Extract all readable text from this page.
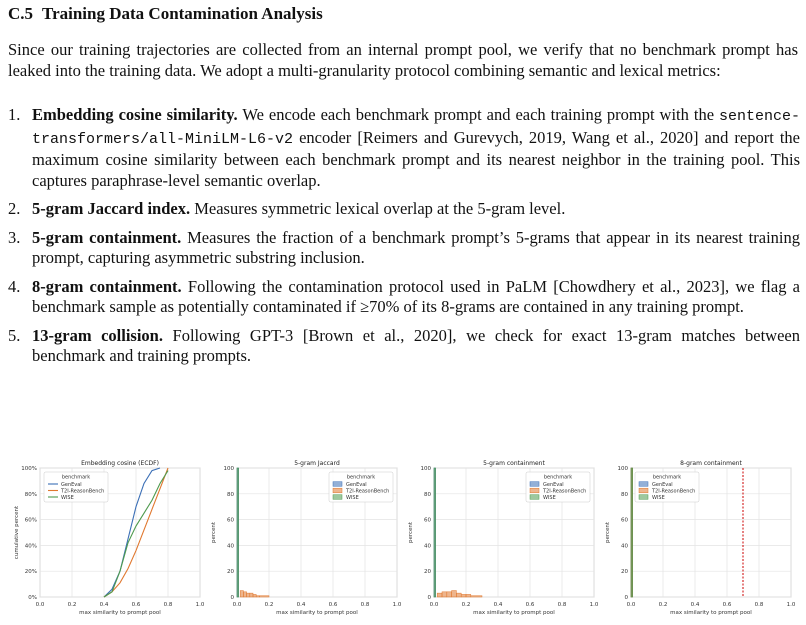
C.5 Training Data Contamination Analysis
Since our training trajectories are collected from an internal prompt pool, we verify that no benchmark prompt has leaked into the training data. We adopt a multi-granularity protocol combining semantic and lexical metrics:
1. Embedding cosine similarity. We encode each benchmark prompt and each training prompt with the sentence-transformers/all-MiniLM-L6-v2 encoder [Reimers and Gurevych, 2019, Wang et al., 2020] and report the maximum cosine similarity between each benchmark prompt and its nearest neighbor in the training pool. This captures paraphrase-level semantic overlap.
2. 5-gram Jaccard index. Measures symmetric lexical overlap at the 5-gram level.
3. 5-gram containment. Measures the fraction of a benchmark prompt’s 5-grams that appear in its nearest training prompt, capturing asymmetric substring inclusion.
4. 8-gram containment. Following the contamination protocol used in PaLM [Chowdhery et al., 2023], we flag a benchmark sample as potentially contaminated if ≥70% of its 8-grams are contained in any training prompt.
5. 13-gram collision. Following GPT-3 [Brown et al., 2020], we check for exact 13-gram matches between benchmark and training prompts.
0.0	0.2	0.4	0.6	0.8	1.0
0%
20%
40%
60%
80%
100%
Embedding cosine (ECDF)
max similarity to prompt pool
cumulative percent
benchmark
GenEval
T2I-ReasonBench
WISE
0.0	0.2	0.4	0.6	0.8	1.0
0
20
40
60
80
100
5-gram Jaccard
max similarity to prompt pool
percent
benchmark
GenEval
T2I-ReasonBench
WISE
0.0	0.2	0.4	0.6	0.8	1.0
0
20
40
60
80
100
5-gram containment
max similarity to prompt pool
percent
benchmark
GenEval
T2I-ReasonBench
WISE
0.0	0.2	0.4	0.6	0.8	1.0
0
20
40
60
80
100
8-gram containment
max similarity to prompt pool
percent
benchmark
GenEval
T2I-ReasonBench
WISE
